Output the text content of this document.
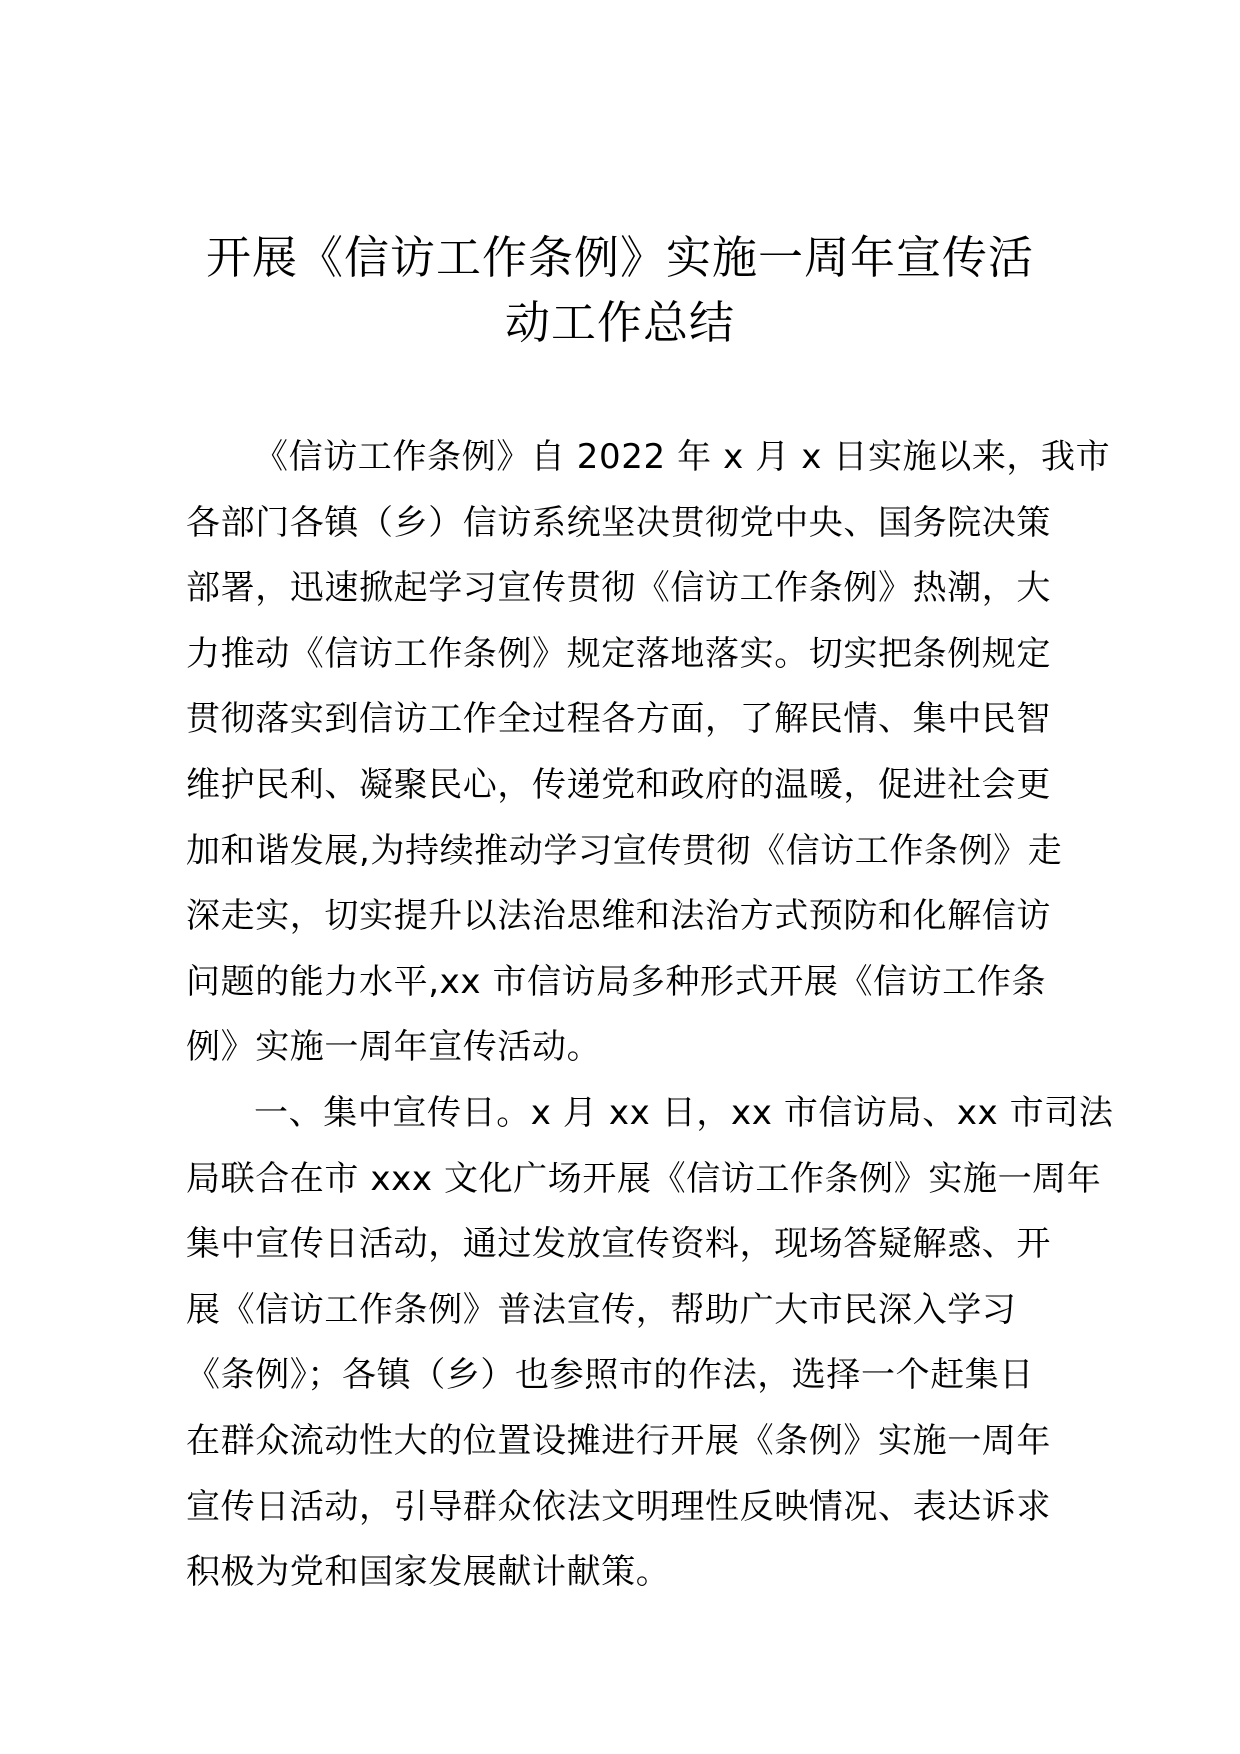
开展《信访工作条例》实施一周年宣传活
动工作总结
《信访工作条例》自 2022 年 x 月 x 日实施以来，我市
各部门各镇（乡）信访系统坚决贯彻党中央、国务院决策
部署，迅速掀起学习宣传贯彻《信访工作条例》热潮，大
力推动《信访工作条例》规定落地落实。切实把条例规定
贯彻落实到信访工作全过程各方面，了解民情、集中民智
维护民利、凝聚民心，传递党和政府的温暖，促进社会更
加和谐发展,为持续推动学习宣传贯彻《信访工作条例》走
深走实，切实提升以法治思维和法治方式预防和化解信访
问题的能力水平,xx 市信访局多种形式开展《信访工作条
例》实施一周年宣传活动。
一、集中宣传日。x 月 xx 日，xx 市信访局、xx 市司法
局联合在市 xxx 文化广场开展《信访工作条例》实施一周年
集中宣传日活动，通过发放宣传资料，现场答疑解惑、开
展《信访工作条例》普法宣传，帮助广大市民深入学习
《条例》；各镇（乡）也参照市的作法，选择一个赶集日
在群众流动性大的位置设摊进行开展《条例》实施一周年
宣传日活动，引导群众依法文明理性反映情况、表达诉求
积极为党和国家发展献计献策。
